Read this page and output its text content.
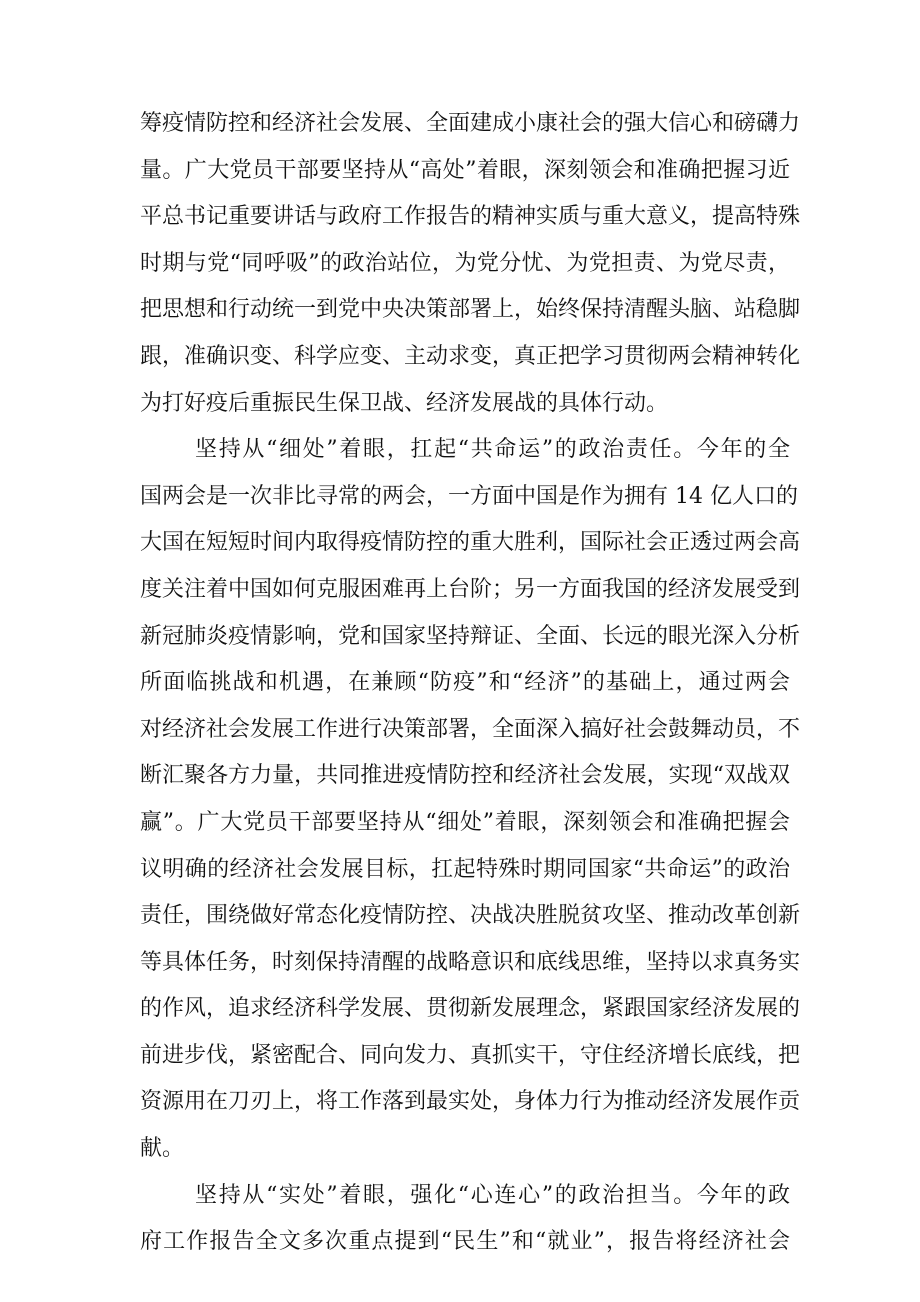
筹疫情防控和经济社会发展、全面建成小康社会的强大信心和磅礴力
量。广大党员干部要坚持从“高处”着眼，深刻领会和准确把握习近
平总书记重要讲话与政府工作报告的精神实质与重大意义，提高特殊
时期与党“同呼吸”的政治站位，为党分忧、为党担责、为党尽责，
把思想和行动统一到党中央决策部署上，始终保持清醒头脑、站稳脚
跟，准确识变、科学应变、主动求变，真正把学习贯彻两会精神转化
为打好疫后重振民生保卫战、经济发展战的具体行动。
坚持从“细处”着眼，扛起“共命运”的政治责任。今年的全
国两会是一次非比寻常的两会，一方面中国是作为拥有 14 亿人口的
大国在短短时间内取得疫情防控的重大胜利，国际社会正透过两会高
度关注着中国如何克服困难再上台阶；另一方面我国的经济发展受到
新冠肺炎疫情影响，党和国家坚持辩证、全面、长远的眼光深入分析
所面临挑战和机遇，在兼顾“防疫”和“经济”的基础上，通过两会
对经济社会发展工作进行决策部署，全面深入搞好社会鼓舞动员，不
断汇聚各方力量，共同推进疫情防控和经济社会发展，实现“双战双
赢”。广大党员干部要坚持从“细处”着眼，深刻领会和准确把握会
议明确的经济社会发展目标，扛起特殊时期同国家“共命运”的政治
责任，围绕做好常态化疫情防控、决战决胜脱贫攻坚、推动改革创新
等具体任务，时刻保持清醒的战略意识和底线思维，坚持以求真务实
的作风，追求经济科学发展、贯彻新发展理念，紧跟国家经济发展的
前进步伐，紧密配合、同向发力、真抓实干，守住经济增长底线，把
资源用在刀刃上，将工作落到最实处，身体力行为推动经济发展作贡
献。
坚持从“实处”着眼，强化“心连心”的政治担当。今年的政
府工作报告全文多次重点提到“民生”和“就业”，报告将经济社会
